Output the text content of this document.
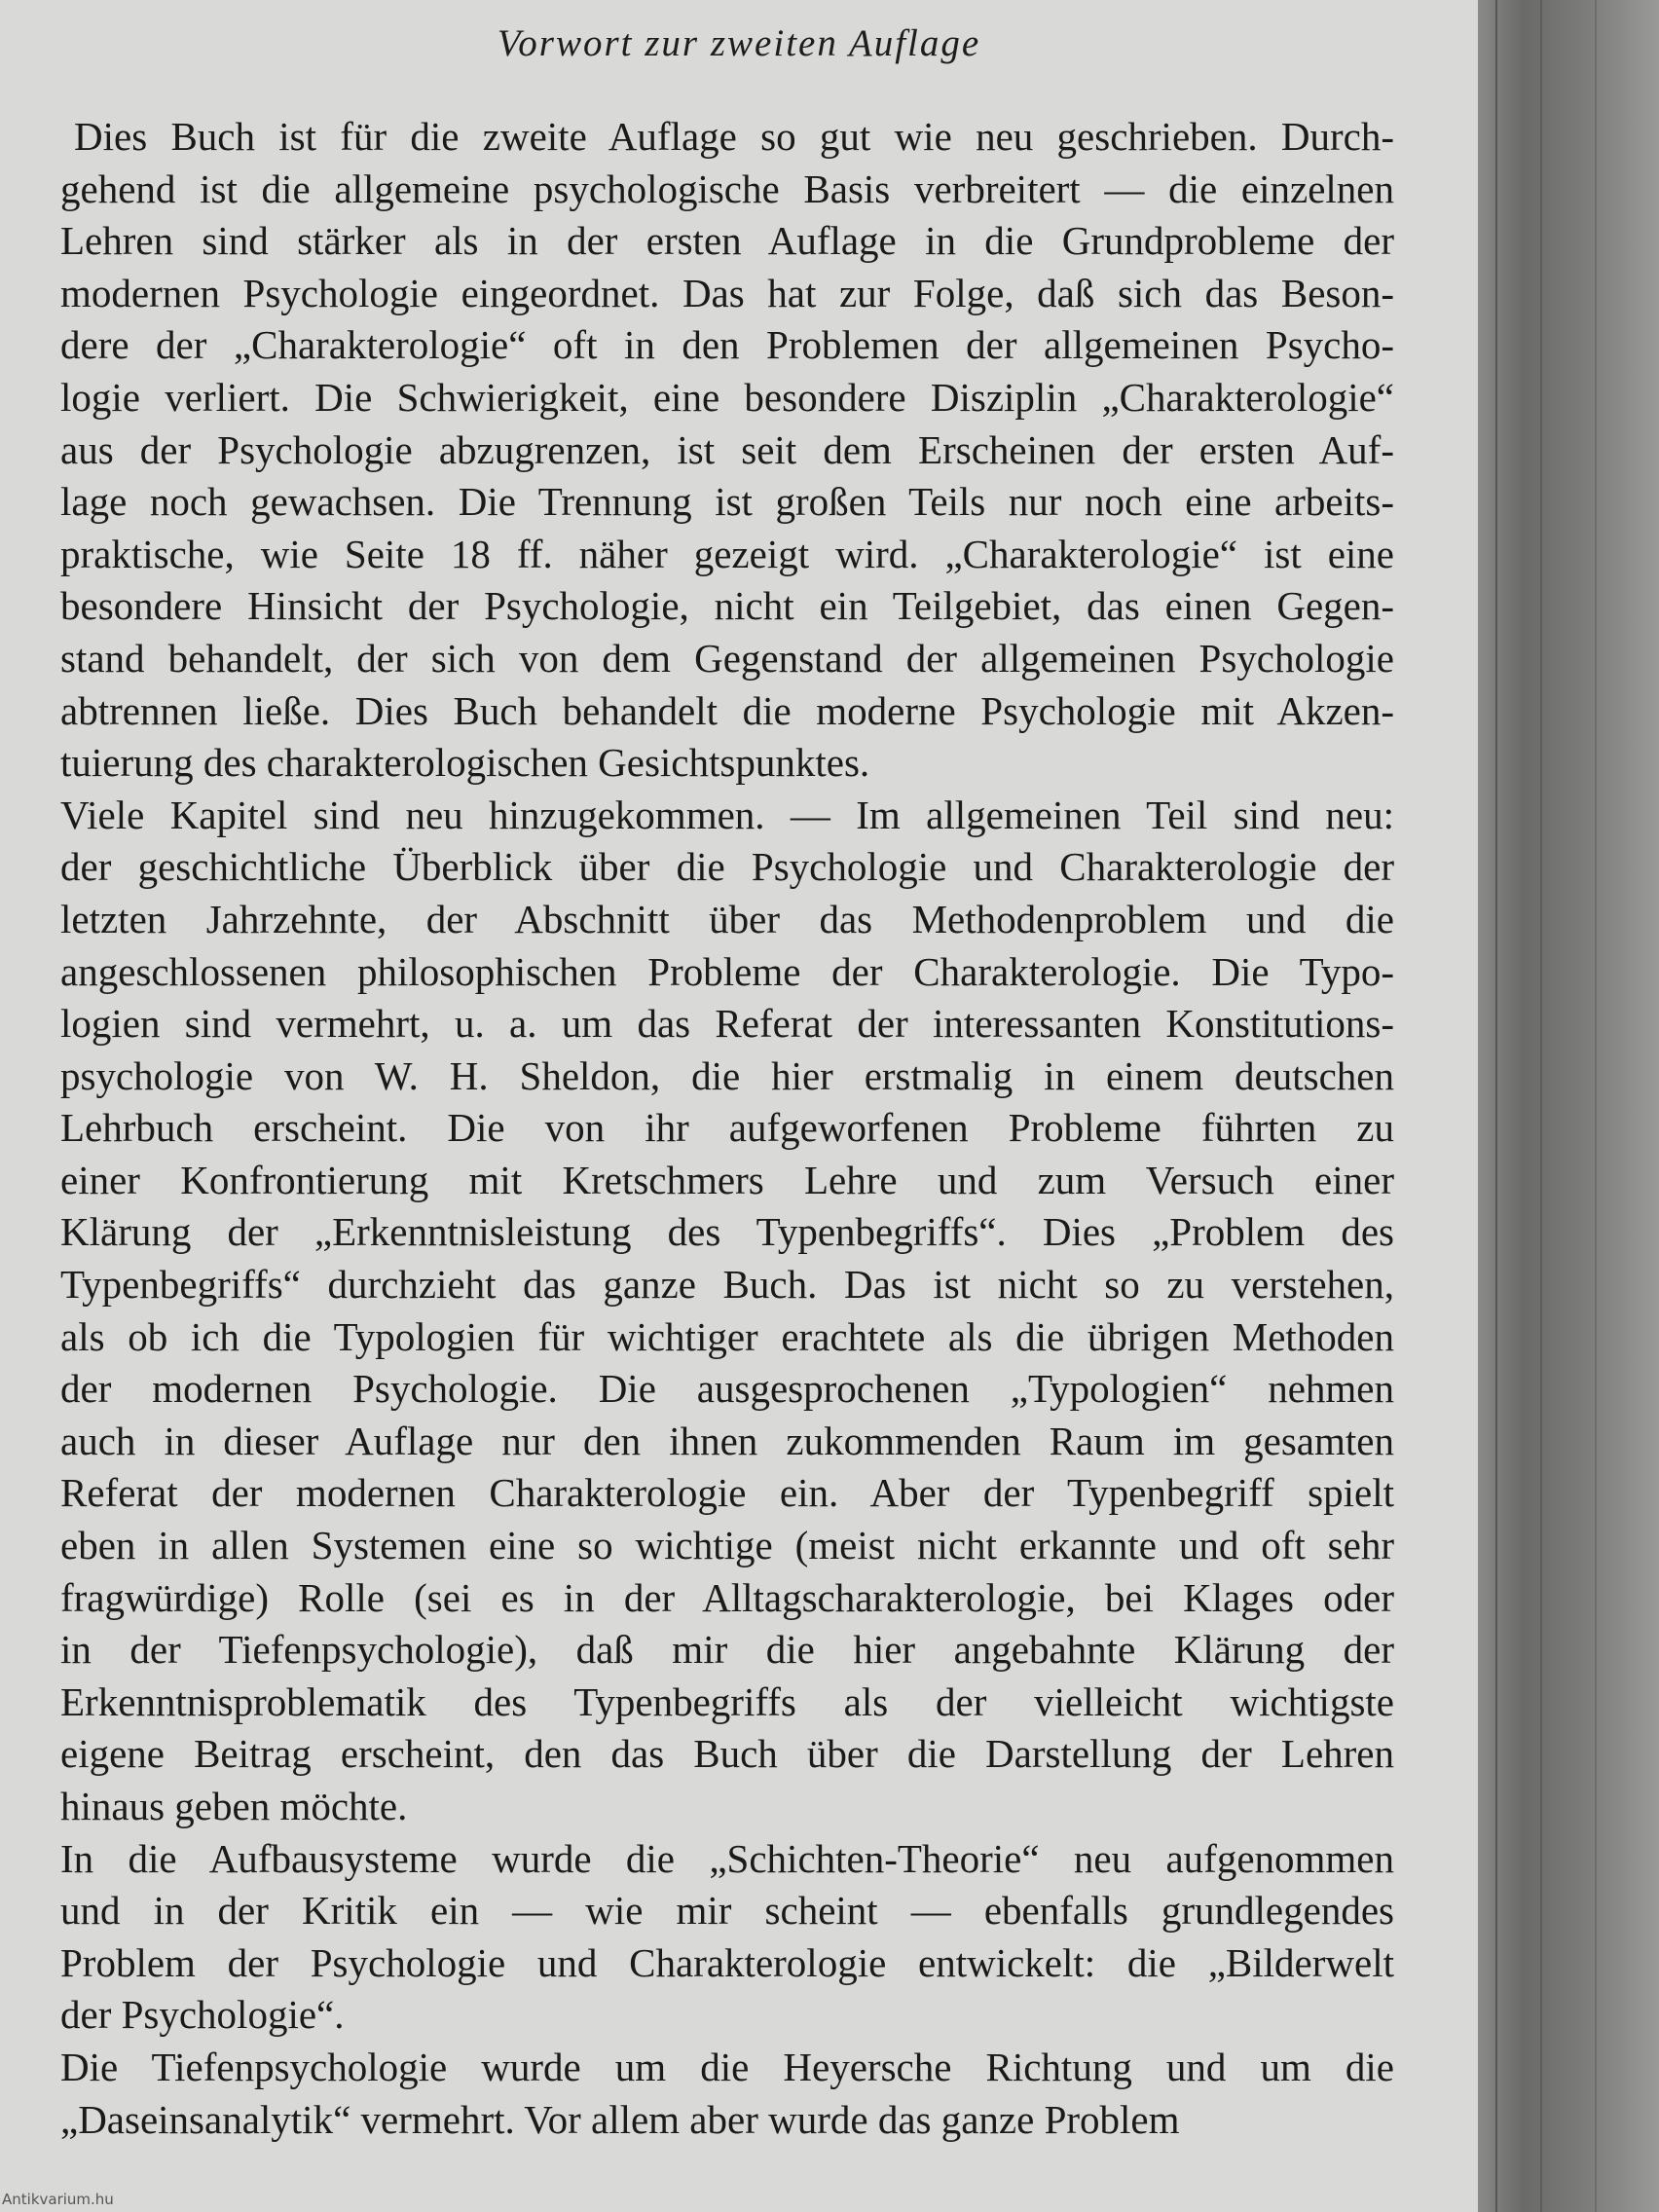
Vorwort zur zweiten Auflage
Dies Buch ist für die zweite Auflage so gut wie neu geschrieben. Durch-
gehend ist die allgemeine psychologische Basis verbreitert — die einzelnen
Lehren sind stärker als in der ersten Auflage in die Grundprobleme der
modernen Psychologie eingeordnet. Das hat zur Folge, daß sich das Beson-
dere der „Charakterologie“ oft in den Problemen der allgemeinen Psycho-
logie verliert. Die Schwierigkeit, eine besondere Disziplin „Charakterologie“
aus der Psychologie abzugrenzen, ist seit dem Erscheinen der ersten Auf-
lage noch gewachsen. Die Trennung ist großen Teils nur noch eine arbeits-
praktische, wie Seite 18 ff. näher gezeigt wird. „Charakterologie“ ist eine
besondere Hinsicht der Psychologie, nicht ein Teilgebiet, das einen Gegen-
stand behandelt, der sich von dem Gegenstand der allgemeinen Psychologie
abtrennen ließe. Dies Buch behandelt die moderne Psychologie mit Akzen-
tuierung des charakterologischen Gesichtspunktes.
Viele Kapitel sind neu hinzugekommen. — Im allgemeinen Teil sind neu:
der geschichtliche Überblick über die Psychologie und Charakterologie der
letzten Jahrzehnte, der Abschnitt über das Methodenproblem und die
angeschlossenen philosophischen Probleme der Charakterologie. Die Typo-
logien sind vermehrt, u. a. um das Referat der interessanten Konstitutions-
psychologie von W. H. Sheldon, die hier erstmalig in einem deutschen
Lehrbuch erscheint. Die von ihr aufgeworfenen Probleme führten zu
einer Konfrontierung mit Kretschmers Lehre und zum Versuch einer
Klärung der „Erkenntnisleistung des Typenbegriffs“. Dies „Problem des
Typenbegriffs“ durchzieht das ganze Buch. Das ist nicht so zu verstehen,
als ob ich die Typologien für wichtiger erachtete als die übrigen Methoden
der modernen Psychologie. Die ausgesprochenen „Typologien“ nehmen
auch in dieser Auflage nur den ihnen zukommenden Raum im gesamten
Referat der modernen Charakterologie ein. Aber der Typenbegriff spielt
eben in allen Systemen eine so wichtige (meist nicht erkannte und oft sehr
fragwürdige) Rolle (sei es in der Alltagscharakterologie, bei Klages oder
in der Tiefenpsychologie), daß mir die hier angebahnte Klärung der
Erkenntnisproblematik des Typenbegriffs als der vielleicht wichtigste
eigene Beitrag erscheint, den das Buch über die Darstellung der Lehren
hinaus geben möchte.
In die Aufbausysteme wurde die „Schichten-Theorie“ neu aufgenommen
und in der Kritik ein — wie mir scheint — ebenfalls grundlegendes
Problem der Psychologie und Charakterologie entwickelt: die „Bilderwelt
der Psychologie“.
Die Tiefenpsychologie wurde um die Heyersche Richtung und um die
„Daseinsanalytik“ vermehrt. Vor allem aber wurde das ganze Problem
Antikvarium.hu
